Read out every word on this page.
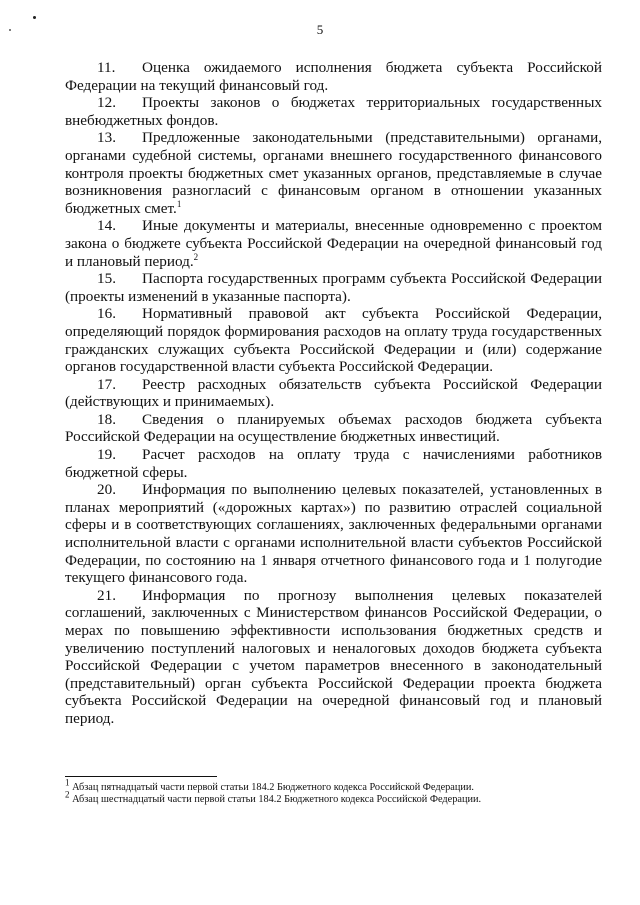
5

11. Оценка ожидаемого исполнения бюджета субъекта Российской Федерации на текущий финансовый год.

12. Проекты законов о бюджетах территориальных государственных внебюджетных фондов.

13. Предложенные законодательными (представительными) органами, органами судебной системы, органами внешнего государственного финансового контроля проекты бюджетных смет указанных органов, представляемые в случае возникновения разногласий с финансовым органом в отношении указанных бюджетных смет.$^1$

14. Иные документы и материалы, внесенные одновременно с проектом закона о бюджете субъекта Российской Федерации на очередной финансовый год и плановый период.$^2$

15. Паспорта государственных программ субъекта Российской Федерации (проекты изменений в указанные паспорта).

16. Нормативный правовой акт субъекта Российской Федерации, определяющий порядок формирования расходов на оплату труда государственных гражданских служащих субъекта Российской Федерации и (или) содержание органов государственной власти субъекта Российской Федерации.

17. Реестр расходных обязательств субъекта Российской Федерации (действующих и принимаемых).

18. Сведения о планируемых объемах расходов бюджета субъекта Российской Федерации на осуществление бюджетных инвестиций.

19. Расчет расходов на оплату труда с начислениями работников бюджетной сферы.

20. Информация по выполнению целевых показателей, установленных в планах мероприятий («дорожных картах») по развитию отраслей социальной сферы и в соответствующих соглашениях, заключенных федеральными органами исполнительной власти с органами исполнительной власти субъектов Российской Федерации, по состоянию на 1 января отчетного финансового года и 1 полугодие текущего финансового года.

21. Информация по прогнозу выполнения целевых показателей соглашений, заключенных с Министерством финансов Российской Федерации, о мерах по повышению эффективности использования бюджетных средств и увеличению поступлений налоговых и неналоговых доходов бюджета субъекта Российской Федерации с учетом параметров внесенного в законодательный (представительный) орган субъекта Российской Федерации проекта бюджета субъекта Российской Федерации на очередной финансовый год и плановый период.

$^1$ Абзац пятнадцатый части первой статьи 184.2 Бюджетного кодекса Российской Федерации.

$^2$ Абзац шестнадцатый части первой статьи 184.2 Бюджетного кодекса Российской Федерации.
